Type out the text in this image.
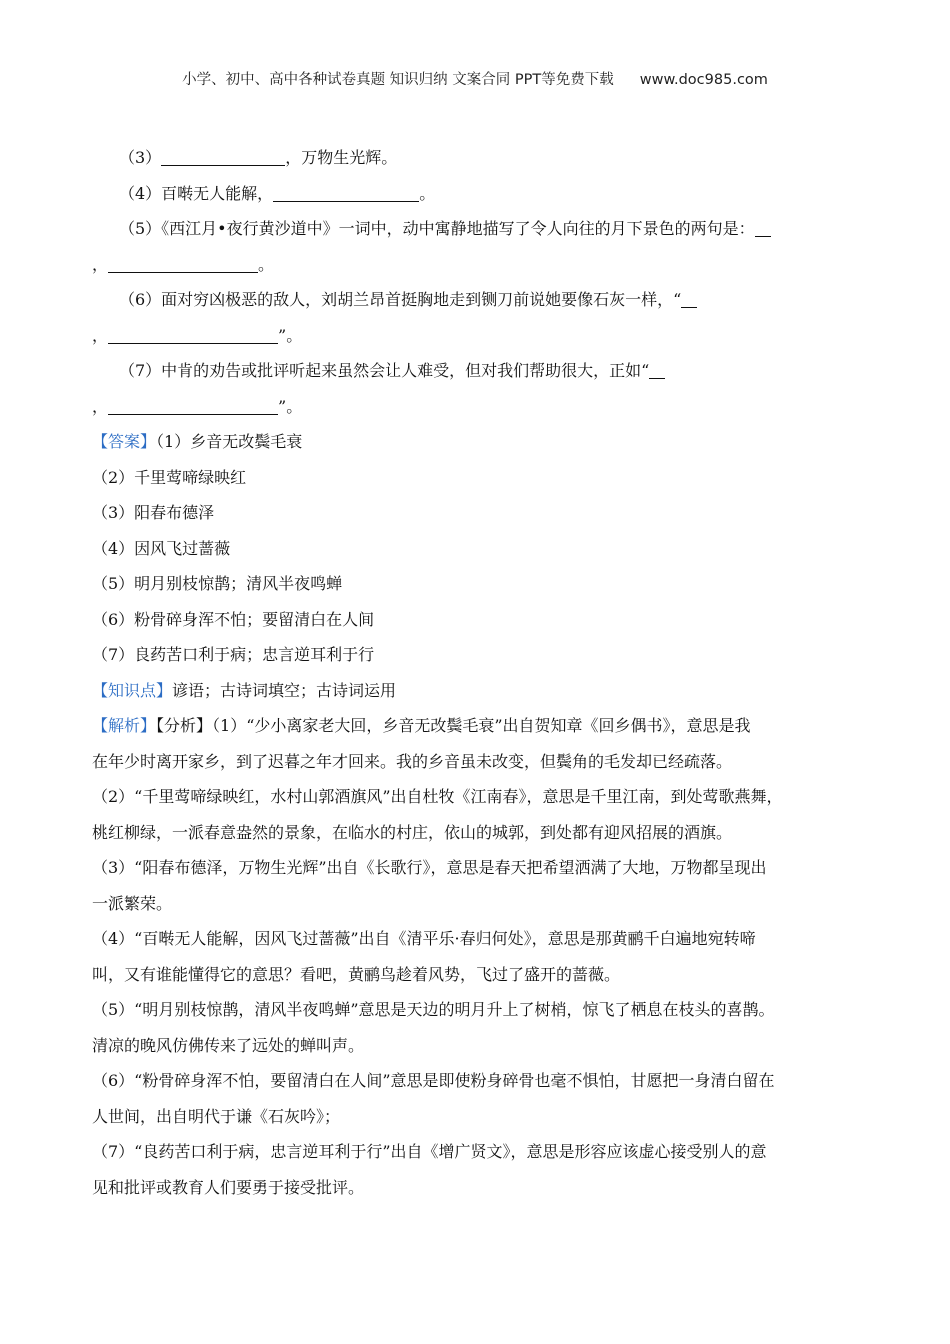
小学、初中、高中各种试卷真题 知识归纳 文案合同 PPT等免费下载 www.doc985.com
（3）	，万物生光辉。
（4）百啭无人能解，	。
（5）《西江月•夜行黄沙道中》一词中，动中寓静地描写了令人向往的月下景色的两句是：
，	。
（6）面对穷凶极恶的敌人，刘胡兰昂首挺胸地走到铡刀前说她要像石灰一样，“
，	”。
（7）中肯的劝告或批评听起来虽然会让人难受，但对我们帮助很大，正如“
，	”。
【答案】（1）乡音无改鬓毛衰
（2）千里莺啼绿映红
（3）阳春布德泽
（4）因风飞过蔷薇
（5）明月别枝惊鹊；清风半夜鸣蝉
（6）粉骨碎身浑不怕；要留清白在人间
（7）良药苦口利于病；忠言逆耳利于行
【知识点】谚语；古诗词填空；古诗词运用
【解析】【分析】（1）“少小离家老大回，乡音无改鬓毛衰”出自贺知章《回乡偶书》，意思是我
在年少时离开家乡，到了迟暮之年才回来。我的乡音虽未改变，但鬓角的毛发却已经疏落。
（2）“千里莺啼绿映红，水村山郭酒旗风”出自杜牧《江南春》，意思是千里江南，到处莺歌燕舞，
桃红柳绿，一派春意盎然的景象，在临水的村庄，依山的城郭，到处都有迎风招展的酒旗。
（3）“阳春布德泽，万物生光辉”出自《长歌行》，意思是春天把希望洒满了大地，万物都呈现出
一派繁荣。
（4）“百啭无人能解，因风飞过蔷薇”出自《清平乐·春归何处》，意思是那黄鹂千白遍地宛转啼
叫，又有谁能懂得它的意思？看吧，黄鹂鸟趁着风势，飞过了盛开的蔷薇。
（5）“明月别枝惊鹊，清风半夜鸣蝉”意思是天边的明月升上了树梢，惊飞了栖息在枝头的喜鹊。
清凉的晚风仿佛传来了远处的蝉叫声。
（6）“粉骨碎身浑不怕，要留清白在人间”意思是即使粉身碎骨也毫不惧怕，甘愿把一身清白留在
人世间，出自明代于谦《石灰吟》；
（7）“良药苦口利于病，忠言逆耳利于行”出自《增广贤文》，意思是形容应该虚心接受别人的意
见和批评或教育人们要勇于接受批评。
